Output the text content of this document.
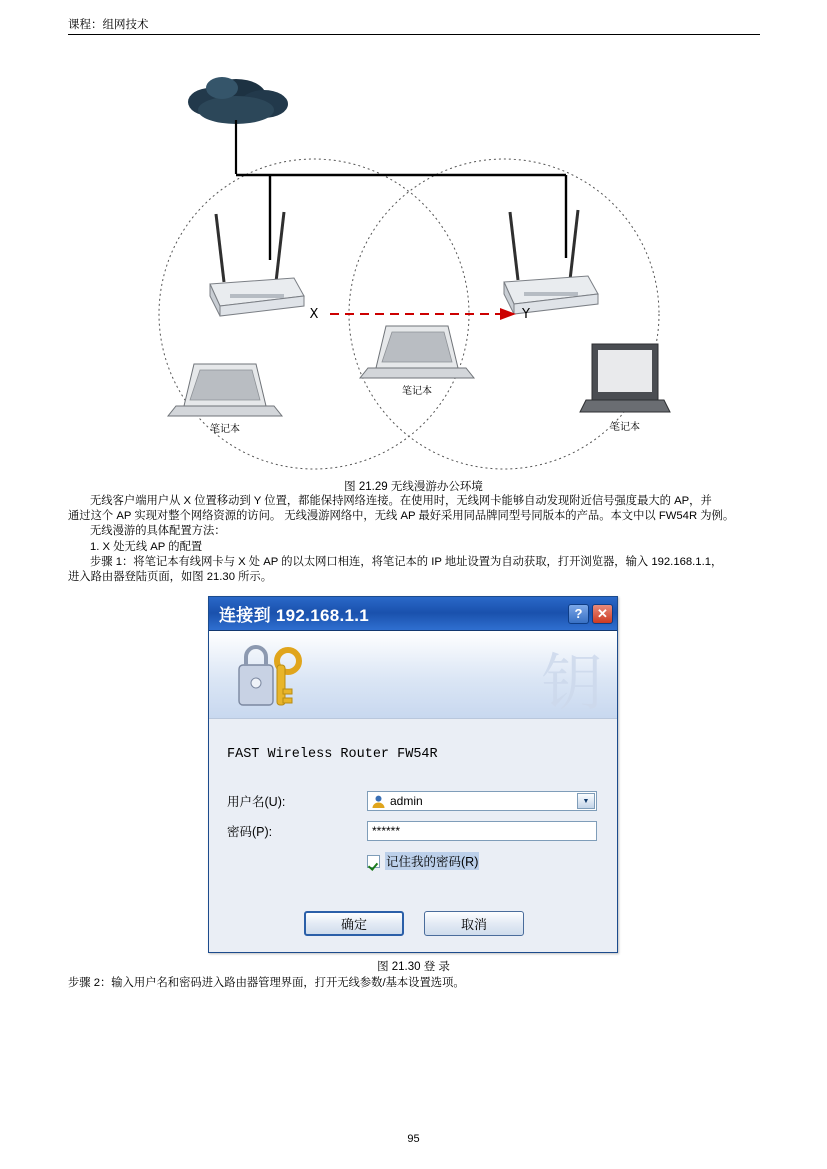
课程：组网技术
笔记本
笔记本	笔记本
X	Y
图 21.29 无线漫游办公环境

无线客户端用户从 X 位置移动到 Y 位置，都能保持网络连接。在使用时，无线网卡能够自动发现附近信号强度最大的 AP，并

通过这个 AP 实现对整个网络资源的访问。 无线漫游网络中，无线 AP 最好采用同品牌同型号同版本的产品。本文中以 FW54R 为例。

无线漫游的具体配置方法：

1. X 处无线 AP 的配置

步骤 1：将笔记本有线网卡与 X 处 AP 的以太网口相连，将笔记本的 IP 地址设置为自动获取，打开浏览器，输入 192.168.1.1，

进入路由器登陆页面，如图 21.30 所示。

连接到 192.168.1.1	?	✕
钥
FAST Wireless Router FW54R
用户名(U):	admin	▼
密码(P):	******
记住我的密码(R)
确定	取消
图 21.30 登 录
步骤 2：输入用户名和密码进入路由器管理界面，打开无线参数/基本设置选项。
95
